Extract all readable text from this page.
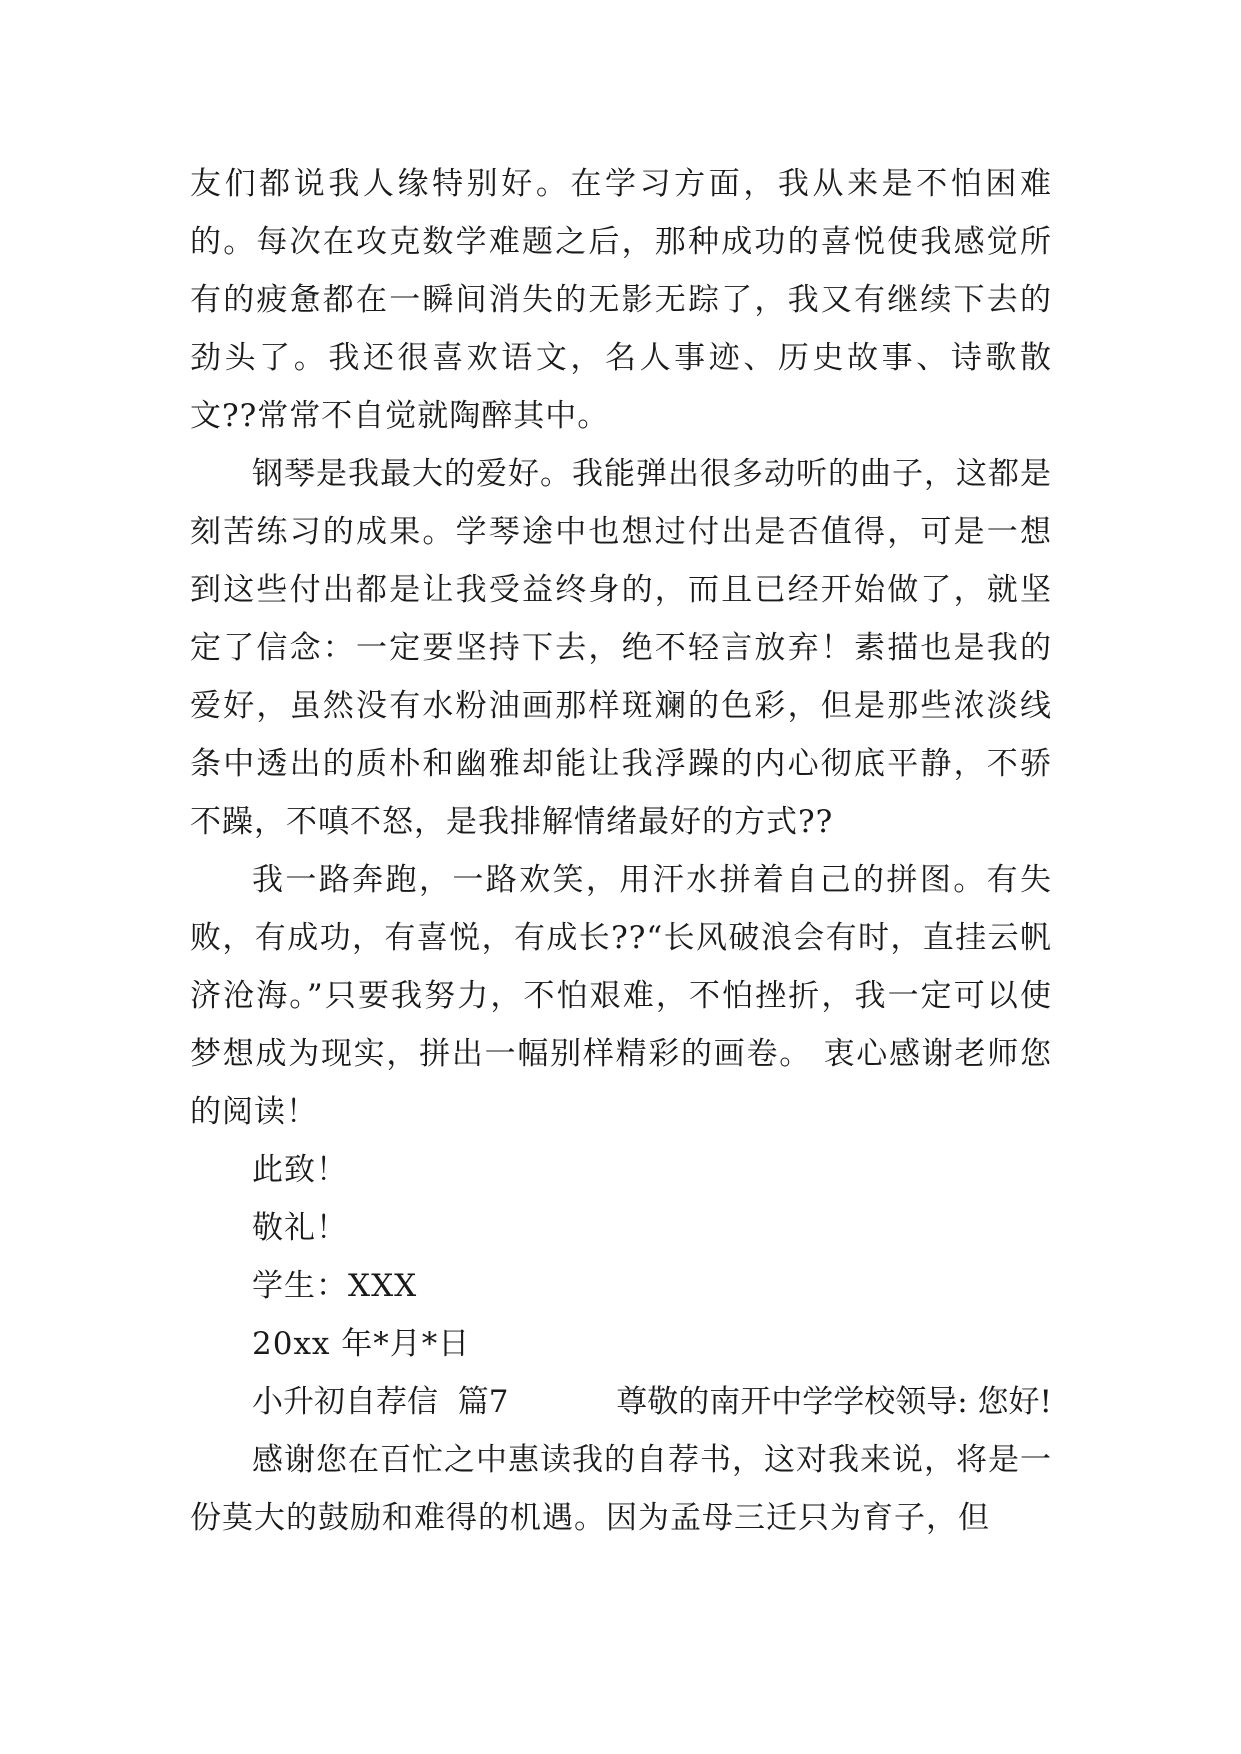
友们都说我人缘特别好。在学习方面，我从来是不怕困难的。每次在攻克数学难题之后，那种成功的喜悦使我感觉所有的疲惫都在一瞬间消失的无影无踪了，我又有继续下去的劲头了。我还很喜欢语文，名人事迹、历史故事、诗歌散文??常常不自觉就陶醉其中。

钢琴是我最大的爱好。我能弹出很多动听的曲子，这都是刻苦练习的成果。学琴途中也想过付出是否值得，可是一想到这些付出都是让我受益终身的，而且已经开始做了，就坚定了信念：一定要坚持下去，绝不轻言放弃！素描也是我的爱好，虽然没有水粉油画那样斑斓的色彩，但是那些浓淡线条中透出的质朴和幽雅却能让我浮躁的内心彻底平静，不骄不躁，不嗔不怒，是我排解情绪最好的方式??

我一路奔跑，一路欢笑，用汗水拼着自己的拼图。有失败，有成功，有喜悦，有成长??“长风破浪会有时，直挂云帆济沧海。”只要我努力，不怕艰难，不怕挫折，我一定可以使梦想成为现实，拼出一幅别样精彩的画卷。 衷心感谢老师您的阅读！

此致！

敬礼！

学生：XXX

20xx 年*月*日

小升初自荐信  篇7	尊敬的南开中学学校领导: 您好!

感谢您在百忙之中惠读我的自荐书，这对我来说，将是一份莫大的鼓励和难得的机遇。因为孟母三迁只为育子，但
